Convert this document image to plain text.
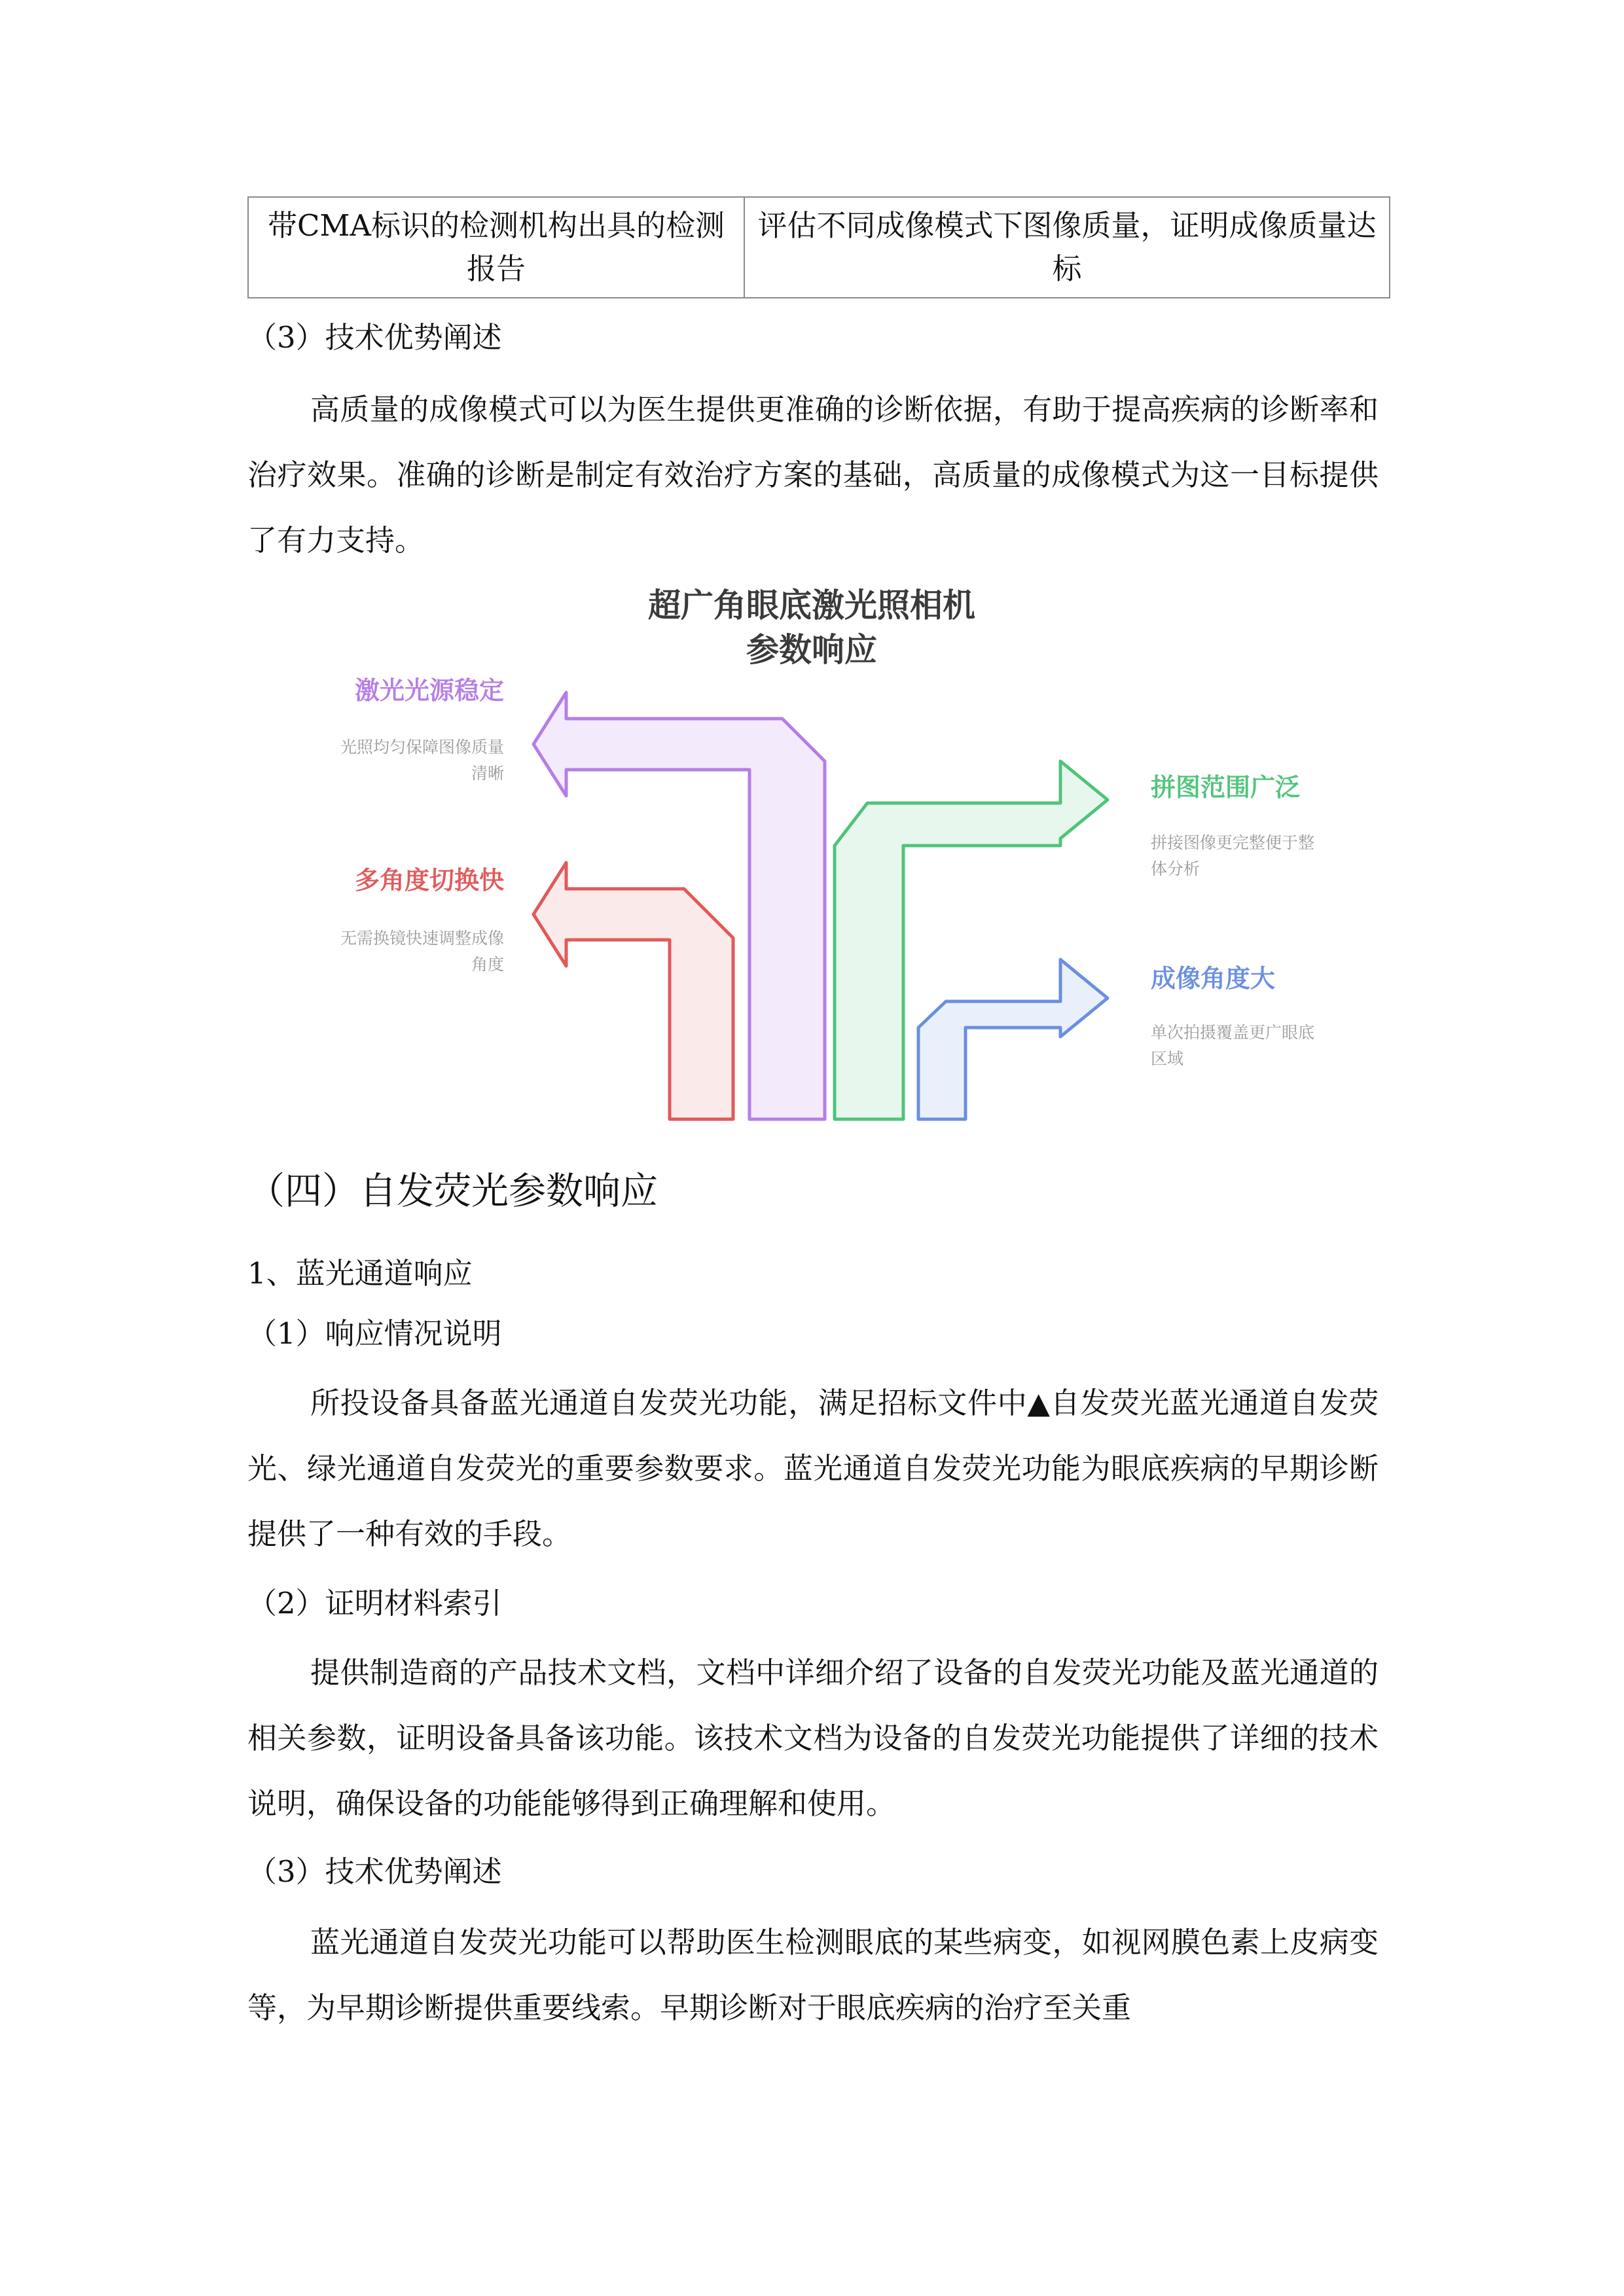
带CMA标识的检测机构出具的检测报告
评估不同成像模式下图像质量，证明成像质量达标
（3）技术优势阐述
高质量的成像模式可以为医生提供更准确的诊断依据，有助于提高疾病的诊断率和治疗效果。准确的诊断是制定有效治疗方案的基础，高质量的成像模式为这一目标提供了有力支持。
超广角眼底激光照相机
参数响应
激光光源稳定
光照均匀保障图像质量
清晰
多角度切换快
无需换镜快速调整成像
角度
拼图范围广泛
拼接图像更完整便于整
体分析
成像角度大
单次拍摄覆盖更广眼底
区域
（四）自发荧光参数响应
1、蓝光通道响应
（1）响应情况说明
所投设备具备蓝光通道自发荧光功能，满足招标文件中▲自发荧光蓝光通道自发荧光、绿光通道自发荧光的重要参数要求。蓝光通道自发荧光功能为眼底疾病的早期诊断提供了一种有效的手段。
（2）证明材料索引
提供制造商的产品技术文档，文档中详细介绍了设备的自发荧光功能及蓝光通道的相关参数，证明设备具备该功能。该技术文档为设备的自发荧光功能提供了详细的技术说明，确保设备的功能能够得到正确理解和使用。
（3）技术优势阐述
蓝光通道自发荧光功能可以帮助医生检测眼底的某些病变，如视网膜色素上皮病变等，为早期诊断提供重要线索。早期诊断对于眼底疾病的治疗至关重
